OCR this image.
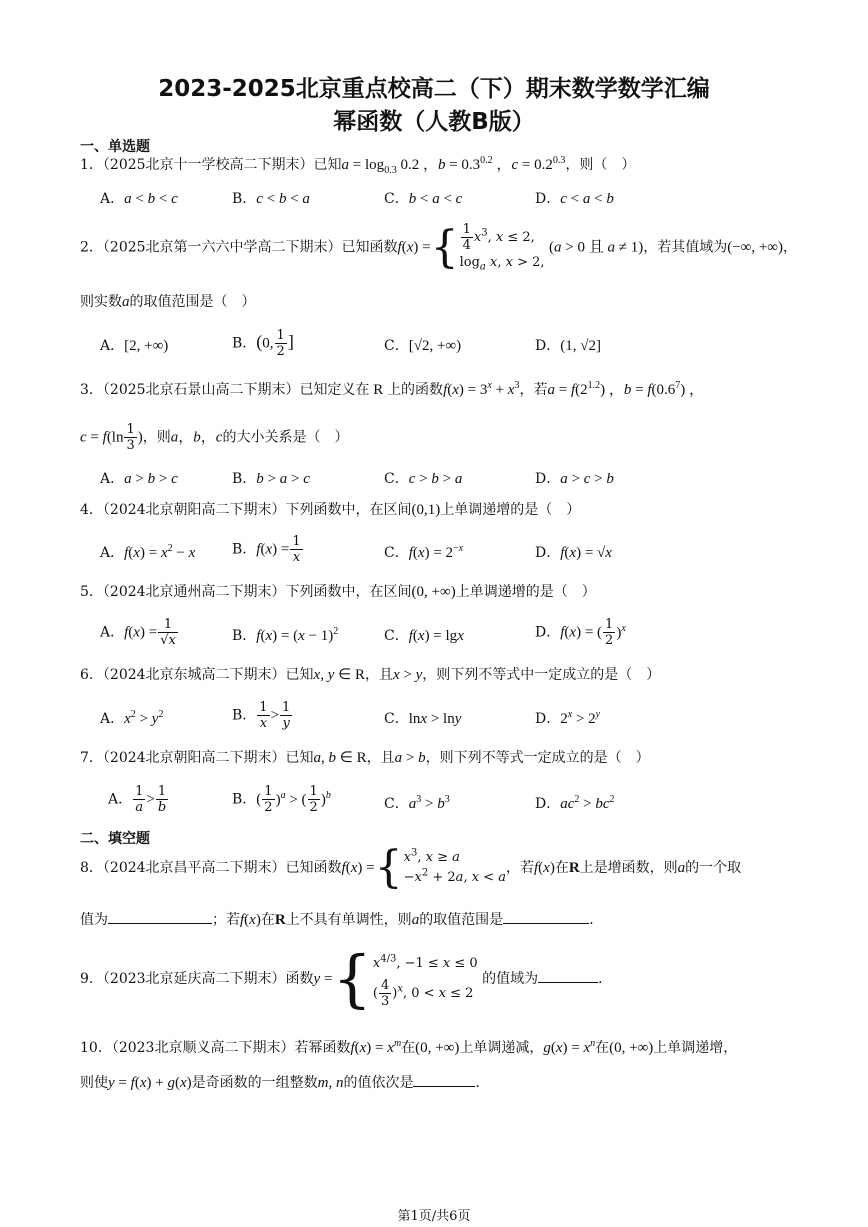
2023-2025北京重点校高二（下）期末数学数学汇编
幂函数（人教B版）
一、单选题
1．（2025北京十一学校高二下期末）已知$a = \log_{0.3} 0.2$ ，$b = 0.3^{0.2}$ ，$c = 0.2^{0.3}$，则（　）
A．a < b < c	B．c < b < a	C．b < a < c	D．c < a < b
2．（2025北京第一六六中学高二下期末）已知函数f(x) ={ $\frac{1}{4} x^3$, x ≤ 2,
$\log_a x$, x > 2, (a > 0 且 a ≠ 1)，若其值域为(−∞, +∞)，
则实数a的取值范围是（　）
A．[2, +∞)	B．(0, $\frac{1}{2}$ ]	C．[√2, +∞)	D．(1, √2]
3．（2025北京石景山高二下期末）已知定义在 R 上的函数$f(x) = 3^x + x^3$，若$a = f(2^{1.2})$ ，$b = f(0.6^7)$ ，
$c = f(\ln \frac{1}{3}$ )，则a，b，c的大小关系是（　）
A．a > b > c	B．b > a > c	C．c > b > a	D．a > c > b
4．（2024北京朝阳高二下期末）下列函数中，在区间(0,1)上单调递增的是（　）
A．$f(x) = x^2 - x$	B．$f(x) = \frac{1}{x}$	C．$f(x) = 2^{-x}$	D．f(x) = √x
5．（2024北京通州高二下期末）下列函数中，在区间(0, +∞)上单调递增的是（　）
A．$f(x) = \frac{1}{√x}$	B．$f(x) = (x - 1)^2$	C．f(x) = lgx	D．f(x) = ( $\frac{1}{2} )^x$
6．（2024北京东城高二下期末）已知x, y ∈ R，且x > y，则下列不等式中一定成立的是（　）
A．$x^2 > y^2$	B． $\frac{1}{x} > \frac{1}{y}$	C．lnx > lny	D．$2^x > 2^y$
7．（2024北京朝阳高二下期末）已知a, b ∈ R，且a > b，则下列不等式一定成立的是（　）
A． $\frac{1}{a} > \frac{1}{b}$	B．( $\frac{1}{2} )^a$ > ( $\frac{1}{2} )^b$
C．$a^3 > b^3$	D．$ac^2 > bc^2$
二、填空题
8．（2024北京昌平高二下期末）已知函数$f(x) =\{x^3$, x ≥ a
$-x^2 + 2a$, x < a，若f(x)在R上是增函数，则a的一个取
值为	；若f(x)在R上不具有单调性，则a的取值范围是	．
9．（2023北京延庆高二下期末）函数$y =\{x^{4/3}$, −1 ≤ x ≤ 0
( $\frac{4}{3} )^x$, 0 < x ≤ 2 的值域为	．
10．（2023北京顺义高二下期末）若幂函数$f(x) = x^m$在(0, +∞)上单调递减，$g(x) = x^n$在(0, +∞)上单调递增，
则使y = f(x) + g(x)是奇函数的一组整数m, n的值依次是	．
第1页/共6页
